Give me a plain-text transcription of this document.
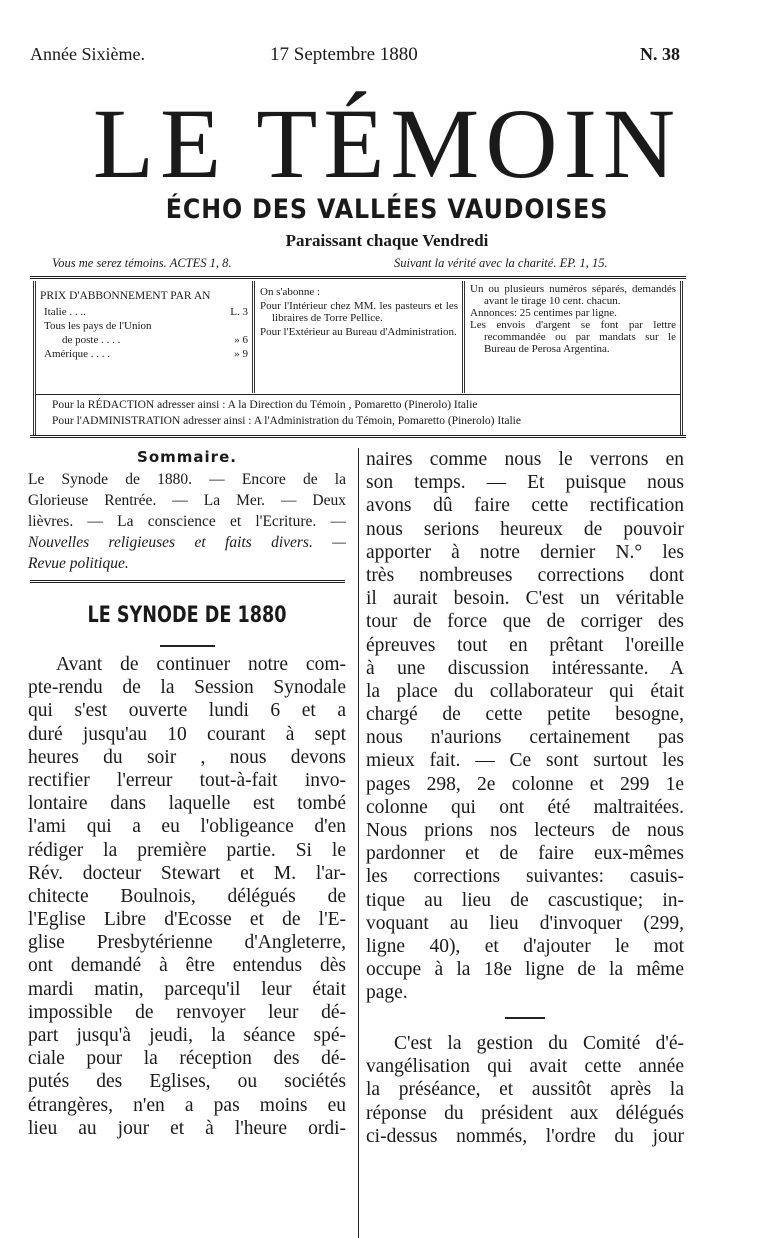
Année Sixième.	17 Septembre 1880	N. 38
LE TÉMOIN
ÉCHO DES VALLÉES VAUDOISES
Paraissant chaque Vendredi
Vous me serez témoins. ACTES 1, 8.	Suivant la vérité avec la charité. EP. 1, 15.
PRIX D'ABBONNEMENT PAR AN
Italie . . ..	L. 3
Tous les pays de l'Union
de poste . . . .	» 6
Amérique . . . .	» 9
On s'abonne :
Pour l'Intérieur chez MM. les pasteurs et les libraires de Torre Pellice.
Pour l'Extérieur au Bureau d'Administration.
Un ou plusieurs numéros séparés, demandés avant le tirage 10 cent. chacun.
Annonces: 25 centimes par ligne.
Les envois d'argent se font par lettre recommandée ou par mandats sur le Bureau de Perosa Argentina.
Pour la RÉDACTION adresser ainsi : A la Direction du Témoin , Pomaretto (Pinerolo) Italie
Pour l'ADMINISTRATION adresser ainsi : A l'Administration du Témoin, Pomaretto (Pinerolo) Italie
Sommaire.
Le Synode de 1880. — Encore de la
Glorieuse Rentrée. — La Mer. — Deux
lièvres. — La conscience et l'Ecriture. —
Nouvelles religieuses et faits divers. —
Revue politique.
LE SYNODE DE 1880
Avant de continuer notre com-
pte-rendu de la Session Synodale
qui s'est ouverte lundi 6 et a
duré jusqu'au 10 courant à sept
heures du soir , nous devons
rectifier l'erreur tout-à-fait invo-
lontaire dans laquelle est tombé
l'ami qui a eu l'obligeance d'en
rédiger la première partie. Si le
Rév. docteur Stewart et M. l'ar-
chitecte Boulnois, délégués de
l'Eglise Libre d'Ecosse et de l'E-
glise Presbytérienne d'Angleterre,
ont demandé à être entendus dès
mardi matin, parcequ'il leur était
impossible de renvoyer leur dé-
part jusqu'à jeudi, la séance spé-
ciale pour la réception des dé-
putés des Eglises, ou sociétés
étrangères, n'en a pas moins eu
lieu au jour et à l'heure ordi-
naires comme nous le verrons en
son temps. — Et puisque nous
avons dû faire cette rectification
nous serions heureux de pouvoir
apporter à notre dernier N.° les
très nombreuses corrections dont
il aurait besoin. C'est un véritable
tour de force que de corriger des
épreuves tout en prêtant l'oreille
à une discussion intéressante. A
la place du collaborateur qui était
chargé de cette petite besogne,
nous n'aurions certainement pas
mieux fait. — Ce sont surtout les
pages 298, 2e colonne et 299 1e
colonne qui ont été maltraitées.
Nous prions nos lecteurs de nous
pardonner et de faire eux-mêmes
les corrections suivantes: casuis-
tique au lieu de cascustique; in-
voquant au lieu d'invoquer (299,
ligne 40), et d'ajouter le mot
occupe à la 18e ligne de la même
page.
C'est la gestion du Comité d'é-
vangélisation qui avait cette année
la préséance, et aussitôt après la
réponse du président aux délégués
ci-dessus nommés, l'ordre du jour
